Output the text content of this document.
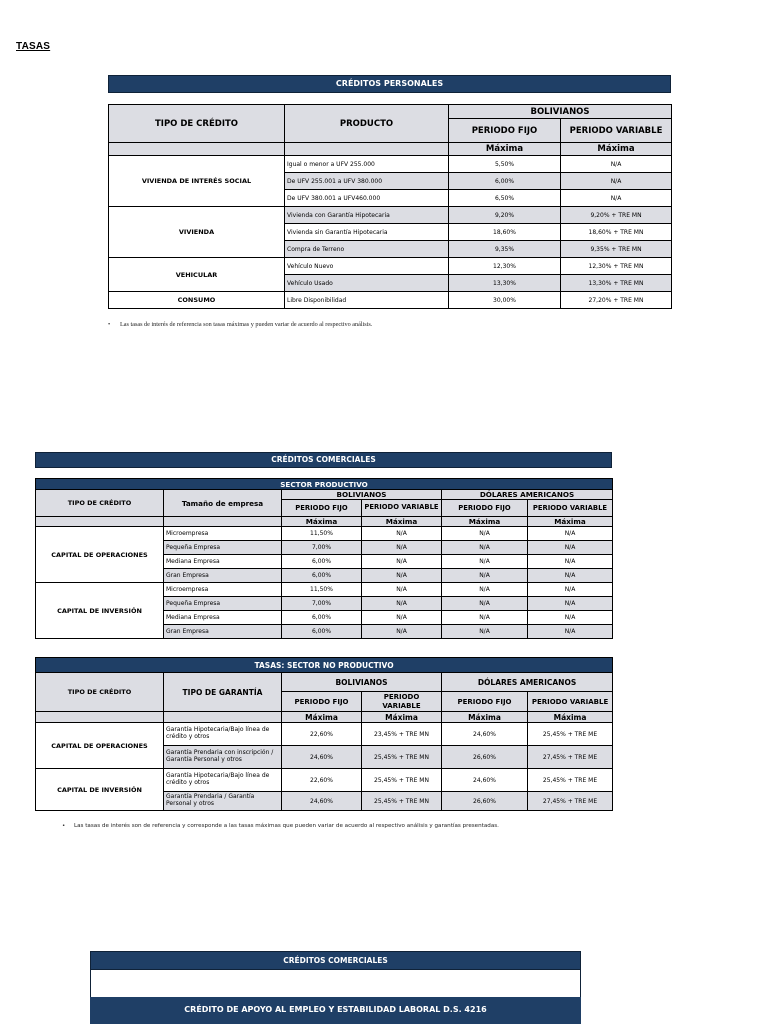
TASAS
CRÉDITOS PERSONALES
TIPO DE CRÉDITO	PRODUCTO	BOLIVIANOS	
		PERIODO FIJO	PERIODO VARIABLE
		Máxima	Máxima
VIVIENDA DE INTERÉS SOCIAL	Igual o menor a UFV 255.000	5,50%	N/A
	De UFV 255.001 a UFV 380.000	6,00%	N/A
	De UFV 380.001 a UFV460.000	6,50%	N/A
VIVIENDA	Vivienda con Garantía Hipotecaria	9,20%	9,20% + TRE MN
	Vivienda sin Garantía Hipotecaria	18,60%	18,60% + TRE MN
	Compra de Terreno	9,35%	9,35% + TRE MN
VEHICULAR	Vehículo Nuevo	12,30%	12,30% + TRE MN
	Vehículo Usado	13,30%	13,30% + TRE MN
CONSUMO	Libre Disponibilidad	30,00%	27,20% + TRE MN
• Las tasas de interés de referencia son tasas máximas y pueden variar de acuerdo al respectivo análisis.
CRÉDITOS COMERCIALES
SECTOR PRODUCTIVO					
TIPO DE CRÉDITO	Tamaño de empresa	BOLIVIANOS		DÓLARES AMERICANOS	
		PERIODO FIJO	PERIODO VARIABLE	PERIODO FIJO	PERIODO VARIABLE
		Máxima	Máxima	Máxima	Máxima
CAPITAL DE OPERACIONES	Microempresa	11,50%	N/A	N/A	N/A
	Pequeña Empresa	7,00%	N/A	N/A	N/A
	Mediana Empresa	6,00%	N/A	N/A	N/A
	Gran Empresa	6,00%	N/A	N/A	N/A
CAPITAL DE INVERSIÓN	Microempresa	11,50%	N/A	N/A	N/A
	Pequeña Empresa	7,00%	N/A	N/A	N/A
	Mediana Empresa	6,00%	N/A	N/A	N/A
	Gran Empresa	6,00%	N/A	N/A	N/A
TASAS: SECTOR NO PRODUCTIVO					
TIPO DE CRÉDITO	TIPO DE GARANTÍA	BOLIVIANOS		DÓLARES AMERICANOS	
		PERIODO FIJO	PERIODO VARIABLE	PERIODO FIJO	PERIODO VARIABLE
		Máxima	Máxima	Máxima	Máxima
CAPITAL DE OPERACIONES	Garantía Hipotecaria/Bajo línea de crédito y otros	22,60%	23,45% + TRE MN	24,60%	25,45% + TRE ME
	Garantía Prendaria con inscripción / Garantía Personal y otros	24,60%	25,45% + TRE MN	26,60%	27,45% + TRE ME
CAPITAL DE INVERSIÓN	Garantía Hipotecaria/Bajo línea de crédito y otros	22,60%	25,45% + TRE MN	24,60%	25,45% + TRE ME
	Garantía Prendaria / Garantía Personal y otros	24,60%	25,45% + TRE MN	26,60%	27,45% + TRE ME
• Las tasas de interés son de referencia y corresponde a las tasas máximas que pueden variar de acuerdo al respectivo análisis y garantías presentadas.
CRÉDITOS COMERCIALES
CRÉDITO DE APOYO AL EMPLEO Y ESTABILIDAD LABORAL D.S. 4216
